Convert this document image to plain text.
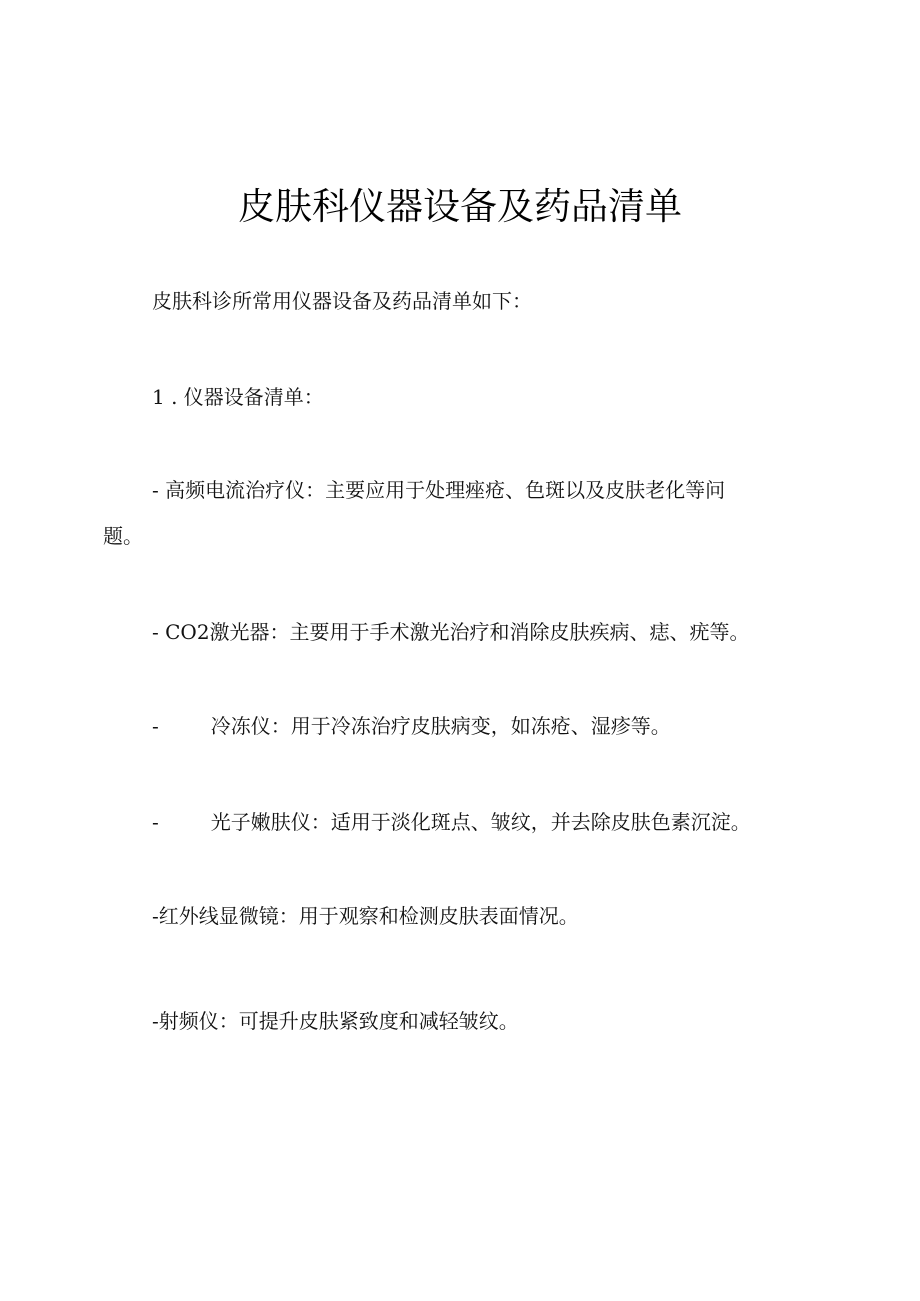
皮肤科仪器设备及药品清单
皮肤科诊所常用仪器设备及药品清单如下：
1 . 仪器设备清单：
- 高频电流治疗仪：主要应用于处理痤疮、色斑以及皮肤老化等问
题。
- CO2激光器：主要用于手术激光治疗和消除皮肤疾病、痣、疣等。
-	冷冻仪：用于冷冻治疗皮肤病变，如冻疮、湿疹等。
-	光子嫩肤仪：适用于淡化斑点、皱纹，并去除皮肤色素沉淀。
-红外线显微镜：用于观察和检测皮肤表面情况。
-射频仪：可提升皮肤紧致度和减轻皱纹。
